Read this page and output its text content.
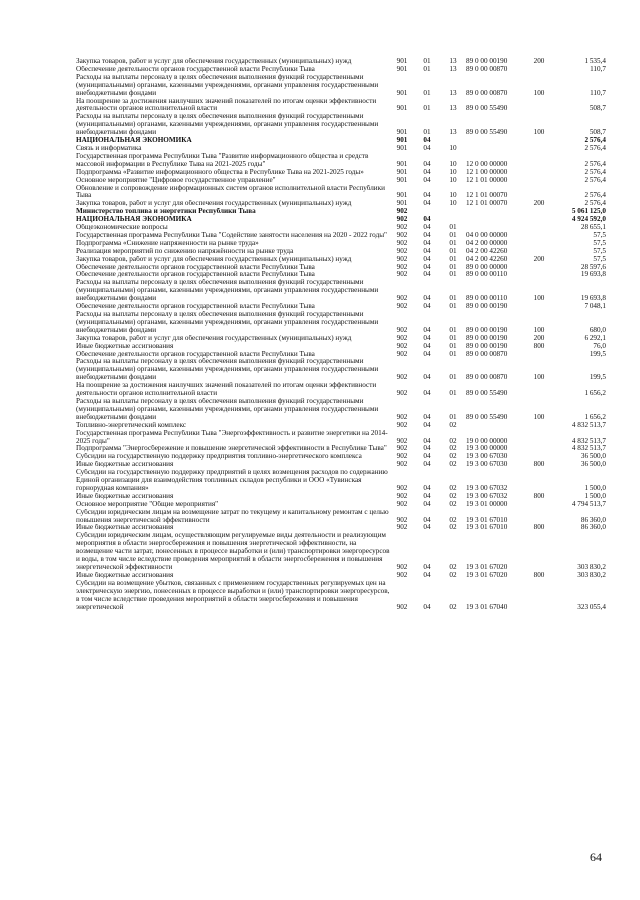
Закупка товаров, работ и услуг для обеспечения государственных (муниципальных) нужд	901	01	13	89 0 00 00190	200	1 535,4
Обеспечение деятельности органов государственной власти Республики Тыва	901	01	13	89 0 00 00870		110,7
Расходы на выплаты персоналу в целях обеспечения выполнения функций государственными (муниципальными) органами, казенными учреждениями, органами управления государственными внебюджетными фондами	901	01	13	89 0 00 00870	100	110,7
На поощрение за достижения наилучших значений показателей по итогам оценки эффективности деятельности органов исполнительной власти	901	01	13	89 0 00 55490		508,7
Расходы на выплаты персоналу в целях обеспечения выполнения функций государственными (муниципальными) органами, казенными учреждениями, органами управления государственными внебюджетными фондами	901	01	13	89 0 00 55490	100	508,7
НАЦИОНАЛЬНАЯ ЭКОНОМИКА	901	04				2 576,4
Связь и информатика	901	04	10			2 576,4
Государственная программа Республики Тыва "Развитие информационного общества и средств массовой информации в Республике Тыва на 2021-2025 годы"	901	04	10	12 0 00 00000		2 576,4
Подпрограмма «Развитие информационного общества в Республике Тыва на 2021-2025 годы»	901	04	10	12 1 00 00000		2 576,4
Основное мероприятие "Цифровое государственное управление"	901	04	10	12 1 01 00000		2 576,4
Обновление и сопровождение информационных систем органов исполнительной власти Республики Тыва	901	04	10	12 1 01 00070		2 576,4
Закупка товаров, работ и услуг для обеспечения государственных (муниципальных) нужд	901	04	10	12 1 01 00070	200	2 576,4
Министерство топлива и энергетики Республики Тыва	902					5 061 125,0
НАЦИОНАЛЬНАЯ ЭКОНОМИКА	902	04				4 924 592,0
Общеэкономические вопросы	902	04	01			28 655,1
Государственная программа Республики Тыва "Содействие занятости населения на 2020 - 2022 годы"	902	04	01	04 0 00 00000		57,5
Подпрограмма «Снижение напряженности на рынке труда»	902	04	01	04 2 00 00000		57,5
Реализация мероприятий по снижению напряжённости на рынке труда	902	04	01	04 2 00 42260		57,5
Закупка товаров, работ и услуг для обеспечения государственных (муниципальных) нужд	902	04	01	04 2 00 42260	200	57,5
Обеспечение деятельности органов государственной власти Республики Тыва	902	04	01	89 0 00 00000		28 597,6
Обеспечение деятельности органов государственной власти Республики Тыва	902	04	01	89 0 00 00110		19 693,8
Расходы на выплаты персоналу в целях обеспечения выполнения функций государственными (муниципальными) органами, казенными учреждениями, органами управления государственными внебюджетными фондами	902	04	01	89 0 00 00110	100	19 693,8
Обеспечение деятельности органов государственной власти Республики Тыва	902	04	01	89 0 00 00190		7 048,1
Расходы на выплаты персоналу в целях обеспечения выполнения функций государственными (муниципальными) органами, казенными учреждениями, органами управления государственными внебюджетными фондами	902	04	01	89 0 00 00190	100	680,0
Закупка товаров, работ и услуг для обеспечения государственных (муниципальных) нужд	902	04	01	89 0 00 00190	200	6 292,1
Иные бюджетные ассигнования	902	04	01	89 0 00 00190	800	76,0
Обеспечение деятельности органов государственной власти Республики Тыва	902	04	01	89 0 00 00870		199,5
Расходы на выплаты персоналу в целях обеспечения выполнения функций государственными (муниципальными) органами, казенными учреждениями, органами управления государственными внебюджетными фондами	902	04	01	89 0 00 00870	100	199,5
На поощрение за достижения наилучших значений показателей по итогам оценки эффективности деятельности органов исполнительной власти	902	04	01	89 0 00 55490		1 656,2
Расходы на выплаты персоналу в целях обеспечения выполнения функций государственными (муниципальными) органами, казенными учреждениями, органами управления государственными внебюджетными фондами	902	04	01	89 0 00 55490	100	1 656,2
Топливно-энергетический комплекс	902	04	02			4 832 513,7
Государственная программа Республики Тыва "Энергоэффективность и развитие энергетики на 2014-2025 годы"	902	04	02	19 0 00 00000		4 832 513,7
Подпрограмма "Энергосбережение и повышение энергетической эффективности в Республике Тыва"	902	04	02	19 3 00 00000		4 832 513,7
Субсидии на государственную поддержку предприятия топливно-энергетического комплекса	902	04	02	19 3 00 67030		36 500,0
Иные бюджетные ассигнования	902	04	02	19 3 00 67030	800	36 500,0
Субсидии на государственную поддержку предприятий в целях возмещения расходов по содержанию Единой организации для взаимодействия топливных складов республики и ООО «Тувинская горнорудная компания»	902	04	02	19 3 00 67032		1 500,0
Иные бюджетные ассигнования	902	04	02	19 3 00 67032	800	1 500,0
Основное мероприятие "Общие мероприятия"	902	04	02	19 3 01 00000		4 794 513,7
Субсидии юридическим лицам на возмещение затрат по текущему и капитальному ремонтам с целью повышения энергетической эффективности	902	04	02	19 3 01 67010		86 360,0
Иные бюджетные ассигнования	902	04	02	19 3 01 67010	800	86 360,0
Субсидии юридическим лицам, осуществляющим регулируемые виды деятельности и реализующим мероприятия в области энергосбережения и повышения энергетической эффективности, на возмещение части затрат, понесенных в процессе выработки и (или) транспортировки энергоресурсов и воды, в том числе вследствие проведения мероприятий в области энергосбережения и повышения энергетической эффективности	902	04	02	19 3 01 67020		303 830,2
Иные бюджетные ассигнования	902	04	02	19 3 01 67020	800	303 830,2
Субсидии на возмещение убытков, связанных с применением государственных регулируемых цен на электрическую энергию, понесенных в процессе выработки и (или) транспортировки энергоресурсов, в том числе вследствие проведения мероприятий в области энергосбережения и повышения энергетической	902	04	02	19 3 01 67040		323 055,4
64
